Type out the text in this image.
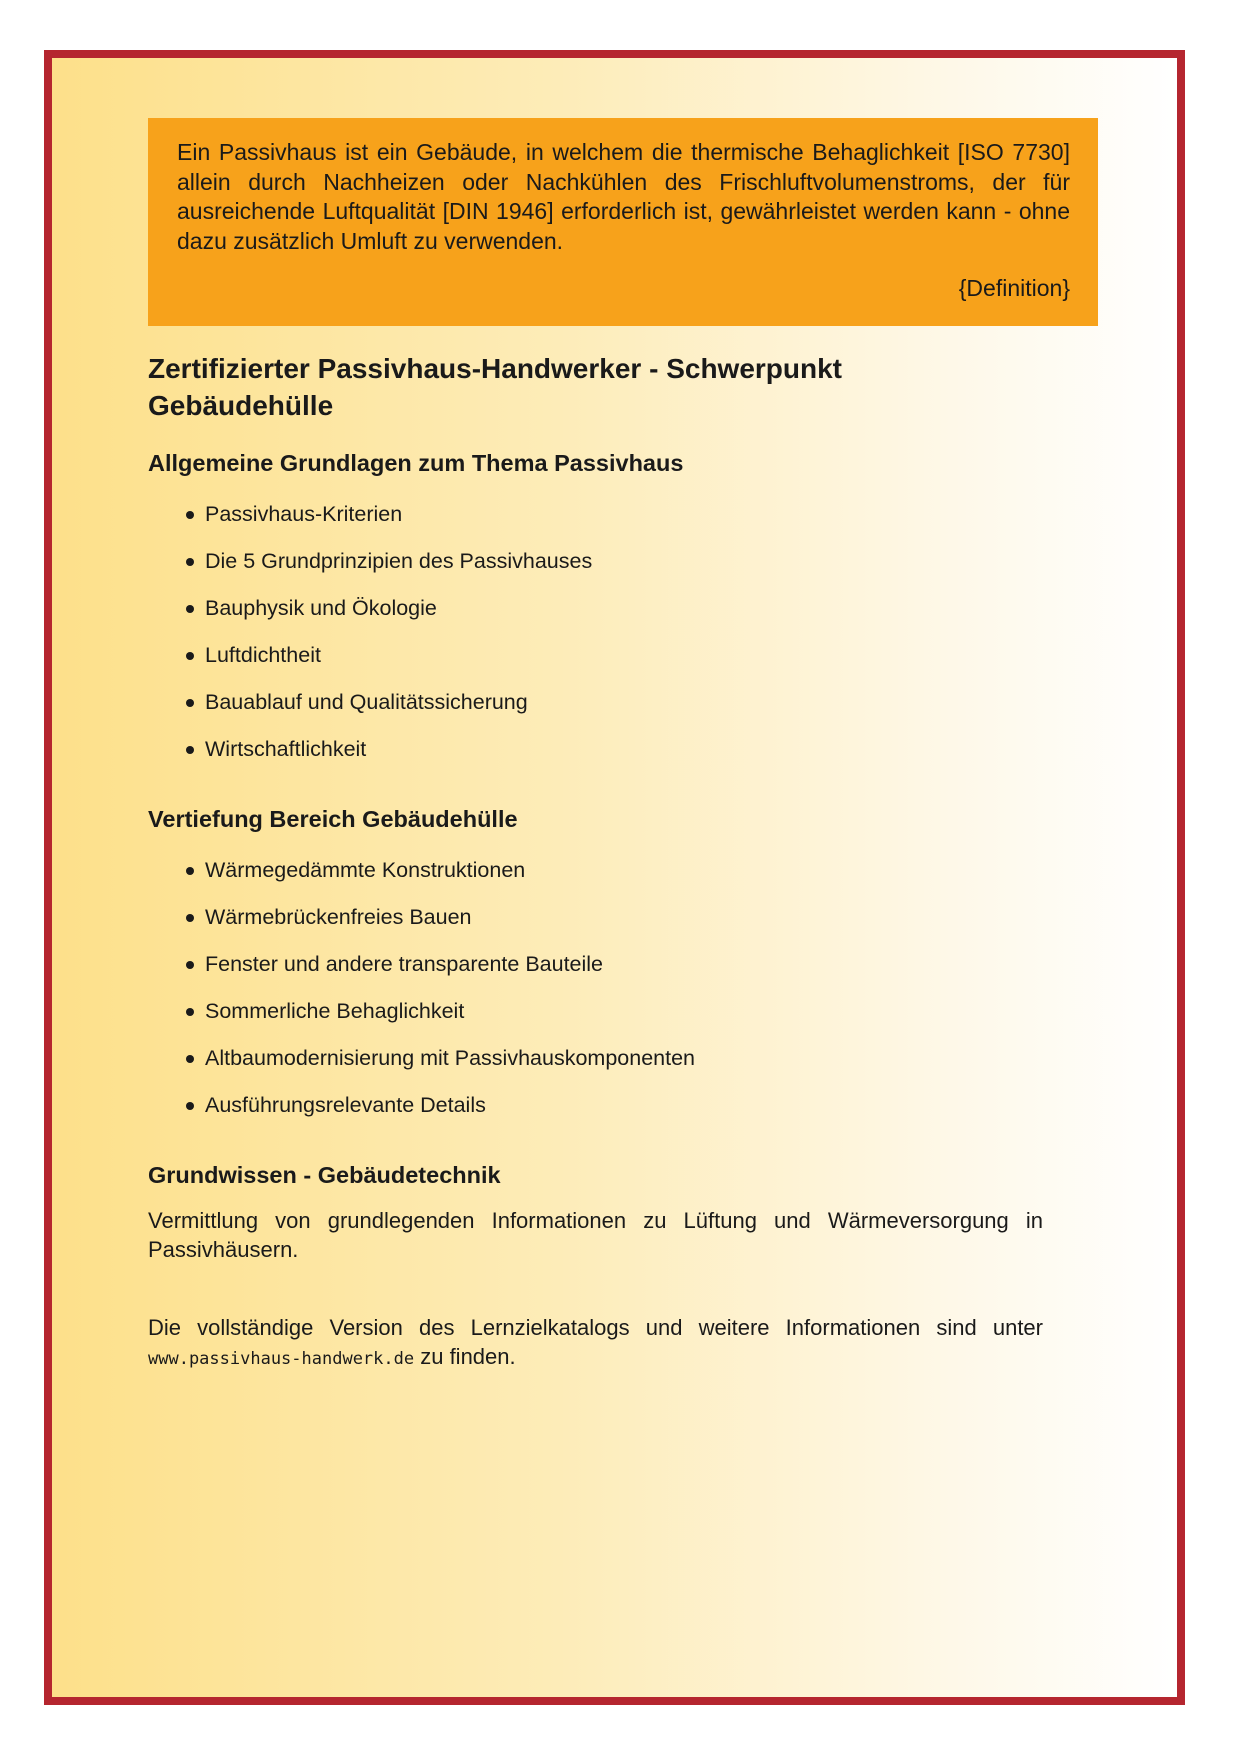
Ein Passivhaus ist ein Gebäude, in welchem die thermische Behaglichkeit [ISO 7730] allein durch Nachheizen oder Nachkühlen des Frischluftvolumenstroms, der für ausreichende Luftqualität [DIN 1946] erforderlich ist, gewährleistet werden kann - ohne dazu zusätzlich Umluft zu verwenden.

{Definition}

Zertifizierter Passivhaus-Handwerker - Schwerpunkt Gebäudehülle
Allgemeine Grundlagen zum Thema Passivhaus
Passivhaus-Kriterien
Die 5 Grundprinzipien des Passivhauses
Bauphysik und Ökologie
Luftdichtheit
Bauablauf und Qualitätssicherung
Wirtschaftlichkeit
Vertiefung Bereich Gebäudehülle
Wärmegedämmte Konstruktionen
Wärmebrückenfreies Bauen
Fenster und andere transparente Bauteile
Sommerliche Behaglichkeit
Altbaumodernisierung mit Passivhauskomponenten
Ausführungsrelevante Details
Grundwissen - Gebäudetechnik

Vermittlung von grundlegenden Informationen zu Lüftung und Wärmeversorgung in Passivhäusern.

Die vollständige Version des Lernzielkatalogs und weitere Informationen sind unter www.passivhaus-handwerk.de zu finden.
